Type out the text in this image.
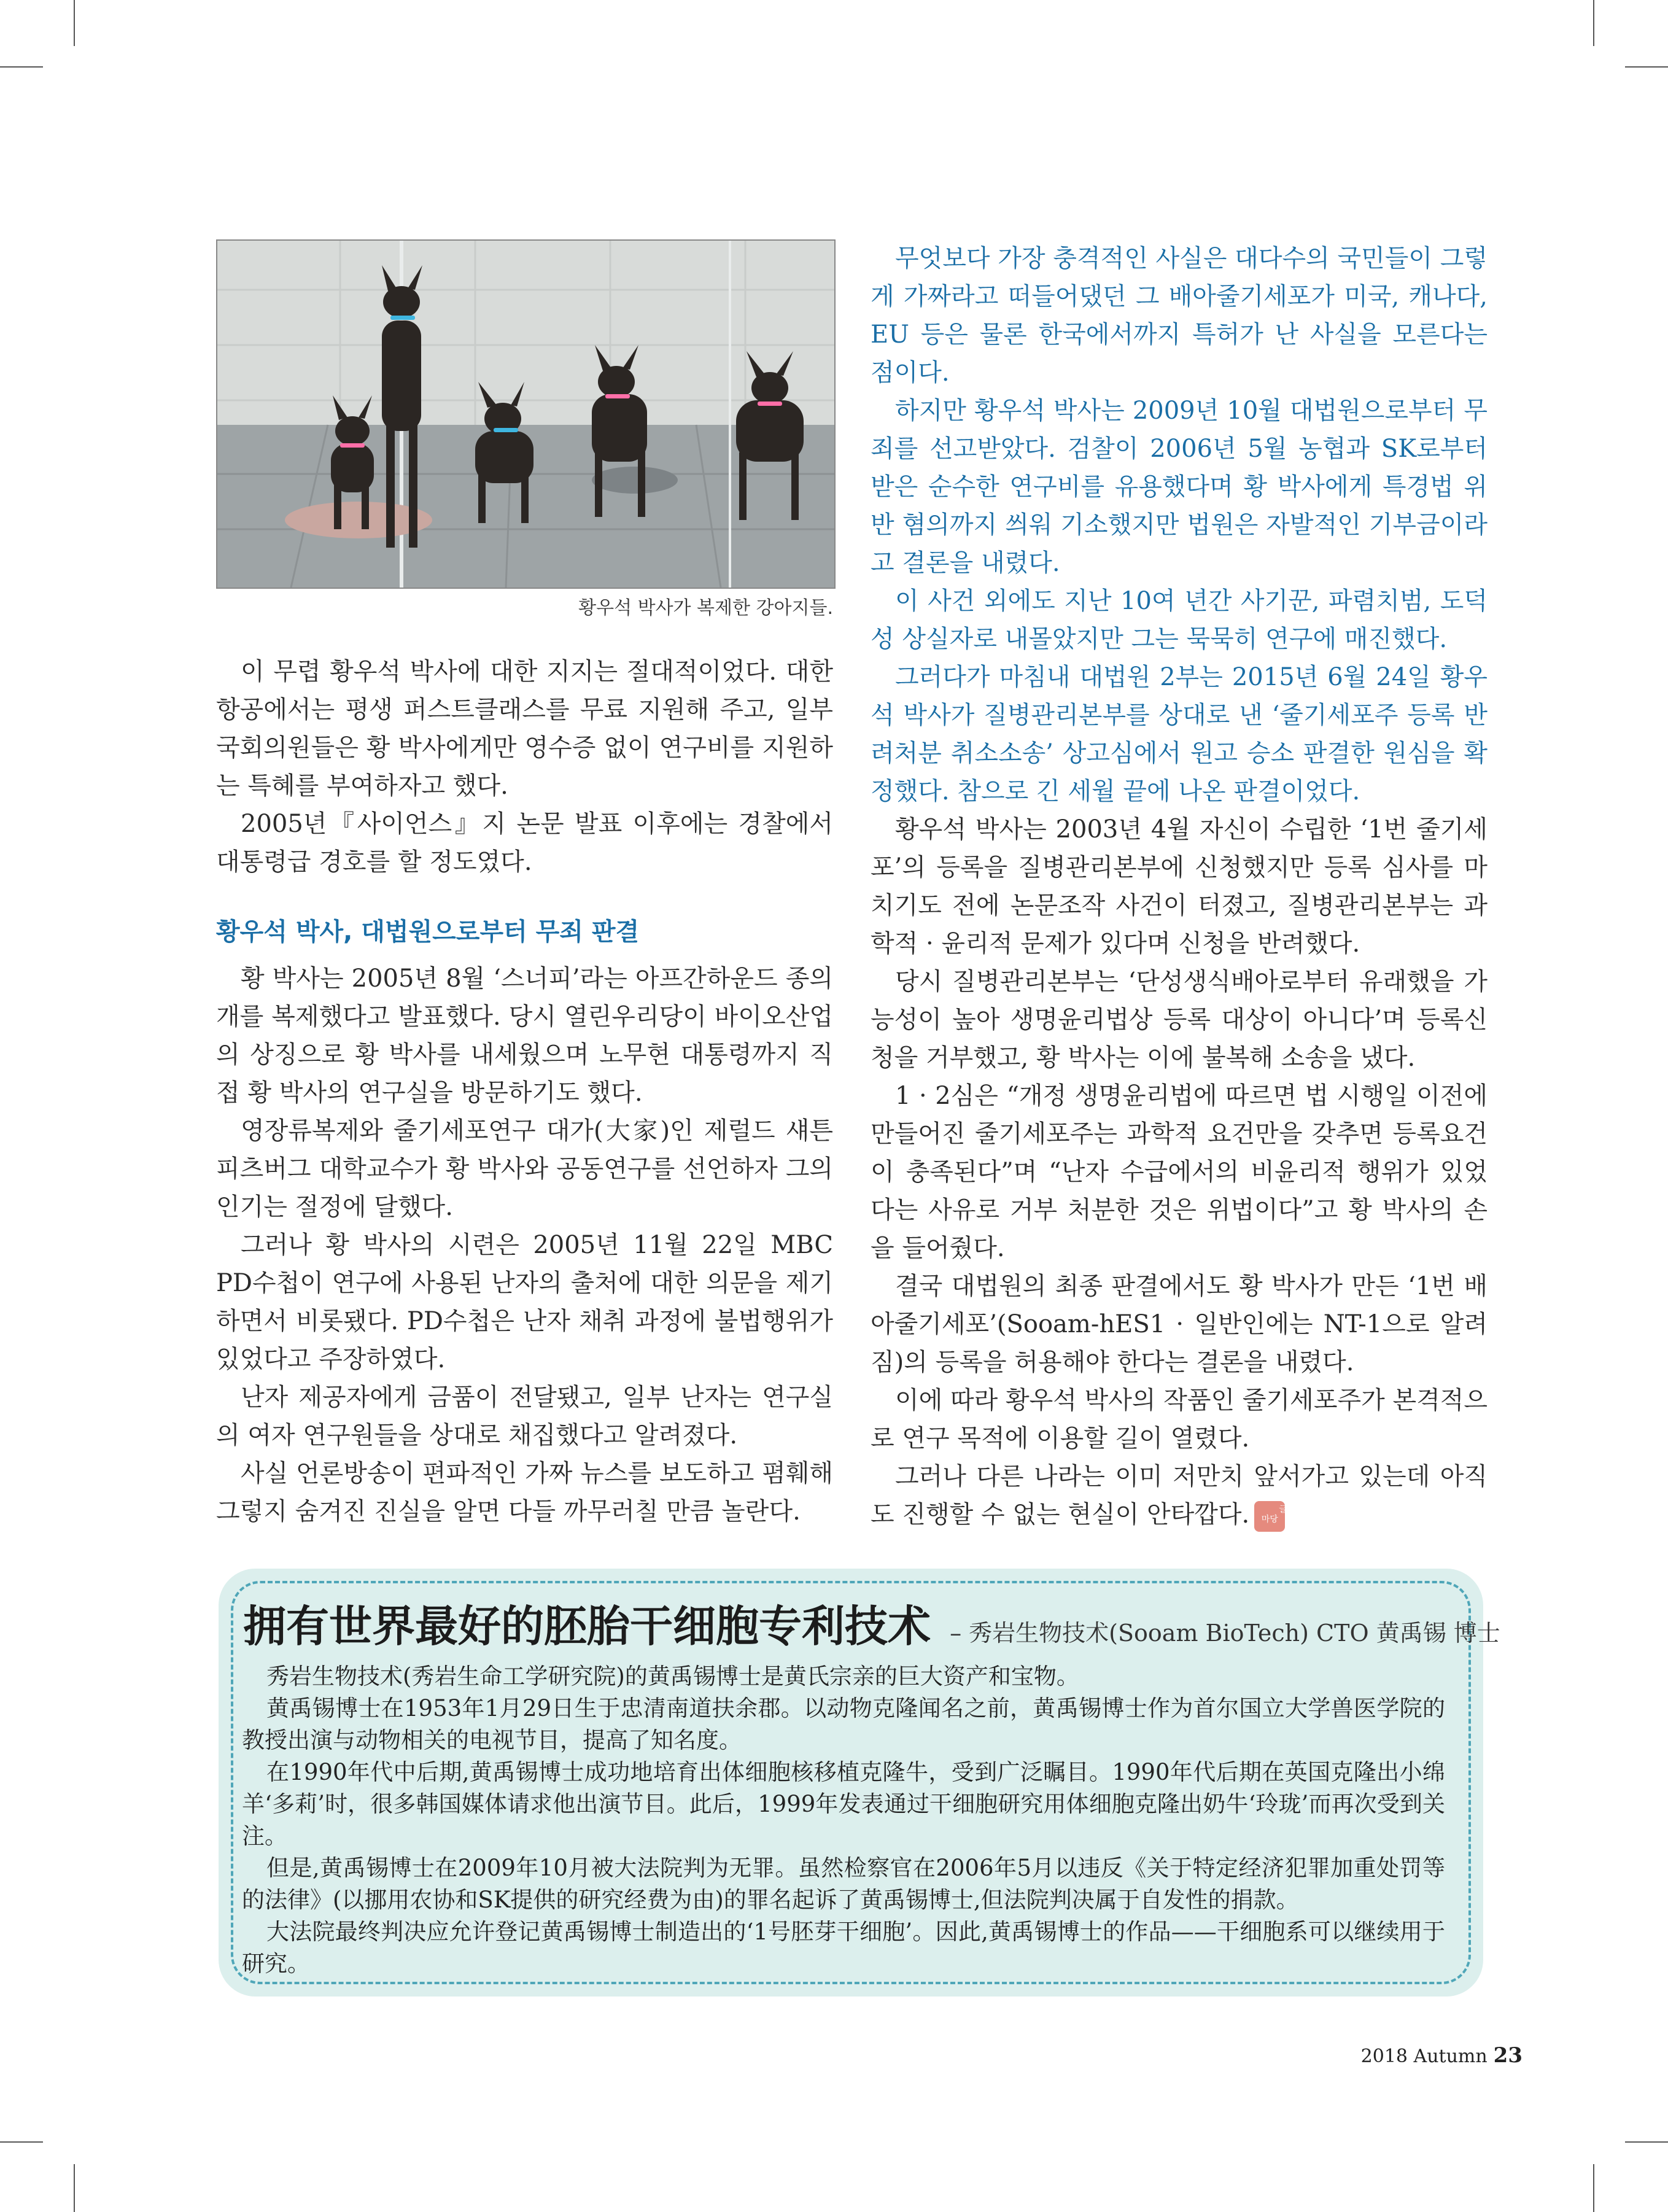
황우석 박사가 복제한 강아지들.

이 무렵 황우석 박사에 대한 지지는 절대적이었다. 대한항공에서는 평생 퍼스트클래스를 무료 지원해 주고, 일부 국회의원들은 황 박사에게만 영수증 없이 연구비를 지원하는 특혜를 부여하자고 했다.

2005년『사이언스』지 논문 발표 이후에는 경찰에서 대통령급 경호를 할 정도였다.

황우석 박사, 대법원으로부터 무죄 판결

황 박사는 2005년 8월 ‘스너피’라는 아프간하운드 종의 개를 복제했다고 발표했다. 당시 열린우리당이 바이오산업의 상징으로 황 박사를 내세웠으며 노무현 대통령까지 직접 황 박사의 연구실을 방문하기도 했다.

영장류복제와 줄기세포연구 대가(大家)인 제럴드 섀튼 피츠버그 대학교수가 황 박사와 공동연구를 선언하자 그의 인기는 절정에 달했다.

그러나 황 박사의 시련은 2005년 11월 22일 MBC PD수첩이 연구에 사용된 난자의 출처에 대한 의문을 제기하면서 비롯됐다. PD수첩은 난자 채취 과정에 불법행위가 있었다고 주장하였다.

난자 제공자에게 금품이 전달됐고, 일부 난자는 연구실의 여자 연구원들을 상대로 채집했다고 알려졌다.

사실 언론방송이 편파적인 가짜 뉴스를 보도하고 폄훼해 그렇지 숨겨진 진실을 알면 다들 까무러칠 만큼 놀란다.

무엇보다 가장 충격적인 사실은 대다수의 국민들이 그렇게 가짜라고 떠들어댔던 그 배아줄기세포가 미국, 캐나다, EU 등은 물론 한국에서까지 특허가 난 사실을 모른다는 점이다.

하지만 황우석 박사는 2009년 10월 대법원으로부터 무죄를 선고받았다. 검찰이 2006년 5월 농협과 SK로부터 받은 순수한 연구비를 유용했다며 황 박사에게 특경법 위반 혐의까지 씌워 기소했지만 법원은 자발적인 기부금이라고 결론을 내렸다.

이 사건 외에도 지난 10여 년간 사기꾼, 파렴치범, 도덕성 상실자로 내몰았지만 그는 묵묵히 연구에 매진했다.

그러다가 마침내 대법원 2부는 2015년 6월 24일 황우석 박사가 질병관리본부를 상대로 낸 ‘줄기세포주 등록 반려처분 취소소송’ 상고심에서 원고 승소 판결한 원심을 확정했다. 참으로 긴 세월 끝에 나온 판결이었다.

황우석 박사는 2003년 4월 자신이 수립한 ‘1번 줄기세포’의 등록을 질병관리본부에 신청했지만 등록 심사를 마치기도 전에 논문조작 사건이 터졌고, 질병관리본부는 과학적 · 윤리적 문제가 있다며 신청을 반려했다.

당시 질병관리본부는 ‘단성생식배아로부터 유래했을 가능성이 높아 생명윤리법상 등록 대상이 아니다’며 등록신청을 거부했고, 황 박사는 이에 불복해 소송을 냈다.

1 · 2심은 “개정 생명윤리법에 따르면 법 시행일 이전에 만들어진 줄기세포주는 과학적 요건만을 갖추면 등록요건이 충족된다”며 “난자 수급에서의 비윤리적 행위가 있었다는 사유로 거부 처분한 것은 위법이다”고 황 박사의 손을 들어줬다.

결국 대법원의 최종 판결에서도 황 박사가 만든 ‘1번 배아줄기세포’(Sooam-hES1 · 일반인에는 NT-1으로 알려짐)의 등록을 허용해야 한다는 결론을 내렸다.

이에 따라 황우석 박사의 작품인 줄기세포주가 본격적으로 연구 목적에 이용할 길이 열렸다.

그러나 다른 나라는 이미 저만치 앞서가고 있는데 아직도 진행할 수 없는 현실이 안타깝다.	글마당

拥有世界最好的胚胎干细胞专利技术 – 秀岩生物技术(Sooam BioTech) CTO 黄禹锡 博士

秀岩生物技术(秀岩生命工学研究院)的黄禹锡博士是黄氏宗亲的巨大资产和宝物。

黄禹锡博士在1953年1月29日生于忠清南道扶余郡。以动物克隆闻名之前，黄禹锡博士作为首尔国立大学兽医学院的教授出演与动物相关的电视节目，提高了知名度。

在1990年代中后期,黄禹锡博士成功地培育出体细胞核移植克隆牛，受到广泛瞩目。1990年代后期在英国克隆出小绵羊‘多莉’时，很多韩国媒体请求他出演节目。此后，1999年发表通过干细胞研究用体细胞克隆出奶牛‘玲珑’而再次受到关注。

但是,黄禹锡博士在2009年10月被大法院判为无罪。虽然检察官在2006年5月以违反《关于特定经济犯罪加重处罚等的法律》(以挪用农协和SK提供的研究经费为由)的罪名起诉了黄禹锡博士,但法院判决属于自发性的捐款。

大法院最终判决应允许登记黄禹锡博士制造出的‘1号胚芽干细胞’。因此,黄禹锡博士的作品——干细胞系可以继续用于研究。

2018 Autumn 23
